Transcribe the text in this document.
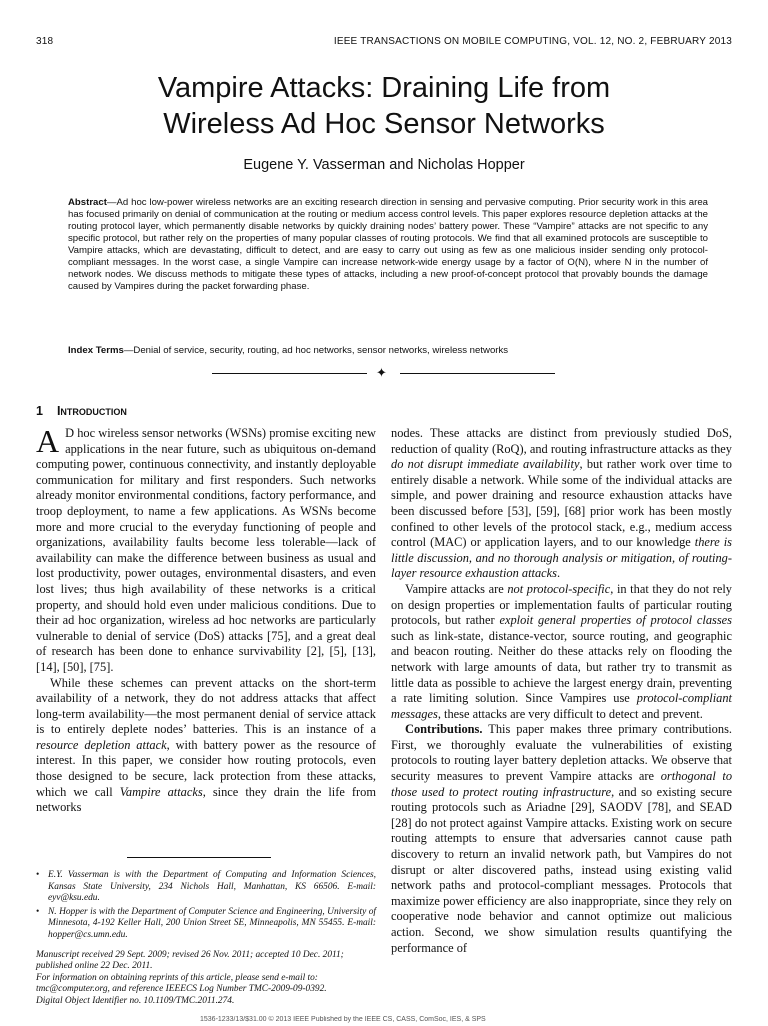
318	IEEE TRANSACTIONS ON MOBILE COMPUTING, VOL. 12, NO. 2, FEBRUARY 2013
Vampire Attacks: Draining Life from
Wireless Ad Hoc Sensor Networks
Eugene Y. Vasserman and Nicholas Hopper
Abstract—Ad hoc low-power wireless networks are an exciting research direction in sensing and pervasive computing. Prior security work in this area has focused primarily on denial of communication at the routing or medium access control levels. This paper explores resource depletion attacks at the routing protocol layer, which permanently disable networks by quickly draining nodes’ battery power. These “Vampire” attacks are not specific to any specific protocol, but rather rely on the properties of many popular classes of routing protocols. We find that all examined protocols are susceptible to Vampire attacks, which are devastating, difficult to detect, and are easy to carry out using as few as one malicious insider sending only protocol-compliant messages. In the worst case, a single Vampire can increase network-wide energy usage by a factor of O(N), where N in the number of network nodes. We discuss methods to mitigate these types of attacks, including a new proof-of-concept protocol that provably bounds the damage caused by Vampires during the packet forwarding phase.
Index Terms—Denial of service, security, routing, ad hoc networks, sensor networks, wireless networks
✦
1 Introduction

A D hoc wireless sensor networks (WSNs) promise exciting new applications in the near future, such as ubiquitous on-demand computing power, continuous connectivity, and instantly deployable communication for military and first responders. Such networks already monitor environmental conditions, factory performance, and troop deployment, to name a few applications. As WSNs become more and more crucial to the everyday functioning of people and organizations, availability faults become less tolerable—lack of availability can make the difference between business as usual and lost productivity, power outages, environmental disasters, and even lost lives; thus high availability of these networks is a critical property, and should hold even under malicious conditions. Due to their ad hoc organization, wireless ad hoc networks are particularly vulnerable to denial of service (DoS) attacks [75], and a great deal of research has been done to enhance survivability [2], [5], [13], [14], [50], [75].

While these schemes can prevent attacks on the short-term availability of a network, they do not address attacks that affect long-term availability—the most permanent denial of service attack is to entirely deplete nodes’ batteries. This is an instance of a resource depletion attack, with battery power as the resource of interest. In this paper, we consider how routing protocols, even those designed to be secure, lack protection from these attacks, which we call Vampire attacks, since they drain the life from networks

nodes. These attacks are distinct from previously studied DoS, reduction of quality (RoQ), and routing infrastructure attacks as they do not disrupt immediate availability, but rather work over time to entirely disable a network. While some of the individual attacks are simple, and power draining and resource exhaustion attacks have been discussed before [53], [59], [68] prior work has been mostly confined to other levels of the protocol stack, e.g., medium access control (MAC) or application layers, and to our knowledge there is little discussion, and no thorough analysis or mitigation, of routing-layer resource exhaustion attacks.

Vampire attacks are not protocol-specific, in that they do not rely on design properties or implementation faults of particular routing protocols, but rather exploit general properties of protocol classes such as link-state, distance-vector, source routing, and geographic and beacon routing. Neither do these attacks rely on flooding the network with large amounts of data, but rather try to transmit as little data as possible to achieve the largest energy drain, preventing a rate limiting solution. Since Vampires use protocol-compliant messages, these attacks are very difficult to detect and prevent.

Contributions. This paper makes three primary contributions. First, we thoroughly evaluate the vulnerabilities of existing protocols to routing layer battery depletion attacks. We observe that security measures to prevent Vampire attacks are orthogonal to those used to protect routing infrastructure, and so existing secure routing protocols such as Ariadne [29], SAODV [78], and SEAD [28] do not protect against Vampire attacks. Existing work on secure routing attempts to ensure that adversaries cannot cause path discovery to return an invalid network path, but Vampires do not disrupt or alter discovered paths, instead using existing valid network paths and protocol-compliant messages. Protocols that maximize power efficiency are also inappropriate, since they rely on cooperative node behavior and cannot optimize out malicious action. Second, we show simulation results quantifying the performance of

• E.Y. Vasserman is with the Department of Computing and Information Sciences, Kansas State University, 234 Nichols Hall, Manhattan, KS 66506. E-mail: eyv@ksu.edu.
• N. Hopper is with the Department of Computer Science and Engineering, University of Minnesota, 4-192 Keller Hall, 200 Union Street SE, Minneapolis, MN 55455. E-mail: hopper@cs.umn.edu.
Manuscript received 29 Sept. 2009; revised 26 Nov. 2011; accepted 10 Dec. 2011; published online 22 Dec. 2011.
For information on obtaining reprints of this article, please send e-mail to: tmc@computer.org, and reference IEEECS Log Number TMC-2009-09-0392.
Digital Object Identifier no. 10.1109/TMC.2011.274.
1536-1233/13/$31.00 © 2013 IEEE Published by the IEEE CS, CASS, ComSoc, IES, & SPS
